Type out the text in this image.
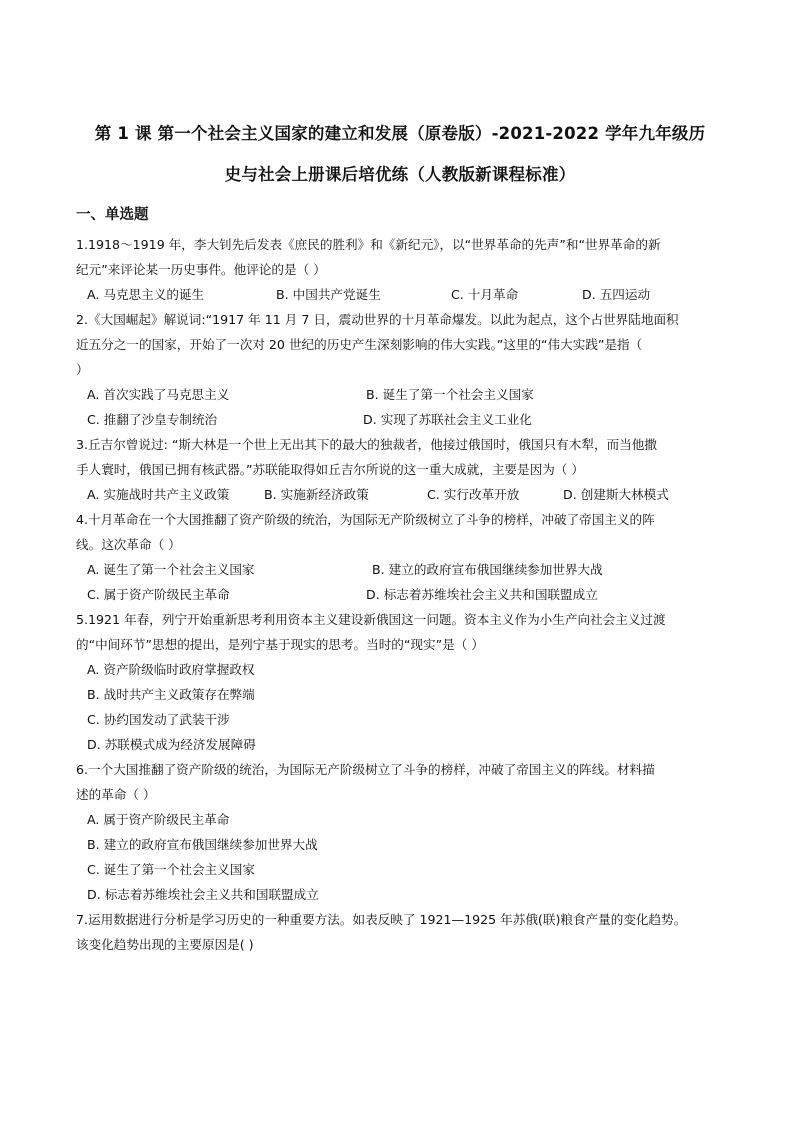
第 1 课 第一个社会主义国家的建立和发展（原卷版）-2021-2022 学年九年级历
史与社会上册课后培优练（人教版新课程标准）
一、单选题
1.1918～1919 年，李大钊先后发表《庶民的胜利》和《新纪元》，以“世界革命的先声”和“世界革命的新
纪元”来评论某一历史事件。他评论的是（ ）
A. 马克思主义的诞生	B. 中国共产党诞生	C. 十月革命	D. 五四运动
2.《大国崛起》解说词:“1917 年 11 月 7 日，震动世界的十月革命爆发。以此为起点，这个占世界陆地面积
近五分之一的国家，开始了一次对 20 世纪的历史产生深刻影响的伟大实践。”这里的“伟大实践”是指（
）
A. 首次实践了马克思主义	B. 诞生了第一个社会主义国家
C. 推翻了沙皇专制统治	D. 实现了苏联社会主义工业化
3.丘吉尔曾说过: “斯大林是一个世上无出其下的最大的独裁者，他接过俄国时，俄国只有木犁，而当他撒
手人寰时，俄国已拥有核武器。”苏联能取得如丘吉尔所说的这一重大成就，主要是因为（ ）
A. 实施战时共产主义政策	B. 实施新经济政策	C. 实行改革开放	D. 创建斯大林模式
4.十月革命在一个大国推翻了资产阶级的统治，为国际无产阶级树立了斗争的榜样，冲破了帝国主义的阵
线。这次革命（ ）
A. 诞生了第一个社会主义国家	B. 建立的政府宣布俄国继续参加世界大战
C. 属于资产阶级民主革命	D. 标志着苏维埃社会主义共和国联盟成立
5.1921 年春，列宁开始重新思考利用资本主义建设新俄国这一问题。资本主义作为小生产向社会主义过渡
的“中间环节”思想的提出，是列宁基于现实的思考。当时的“现实”是（ ）
A. 资产阶级临时政府掌握政权
B. 战时共产主义政策存在弊端
C. 协约国发动了武装干涉
D. 苏联模式成为经济发展障碍
6.一个大国推翻了资产阶级的统治，为国际无产阶级树立了斗争的榜样，冲破了帝国主义的阵线。材料描
述的革命（ ）
A. 属于资产阶级民主革命
B. 建立的政府宣布俄国继续参加世界大战
C. 诞生了第一个社会主义国家
D. 标志着苏维埃社会主义共和国联盟成立
7.运用数据进行分析是学习历史的一种重要方法。如表反映了 1921—1925 年苏俄(联)粮食产量的变化趋势。
该变化趋势出现的主要原因是( )
